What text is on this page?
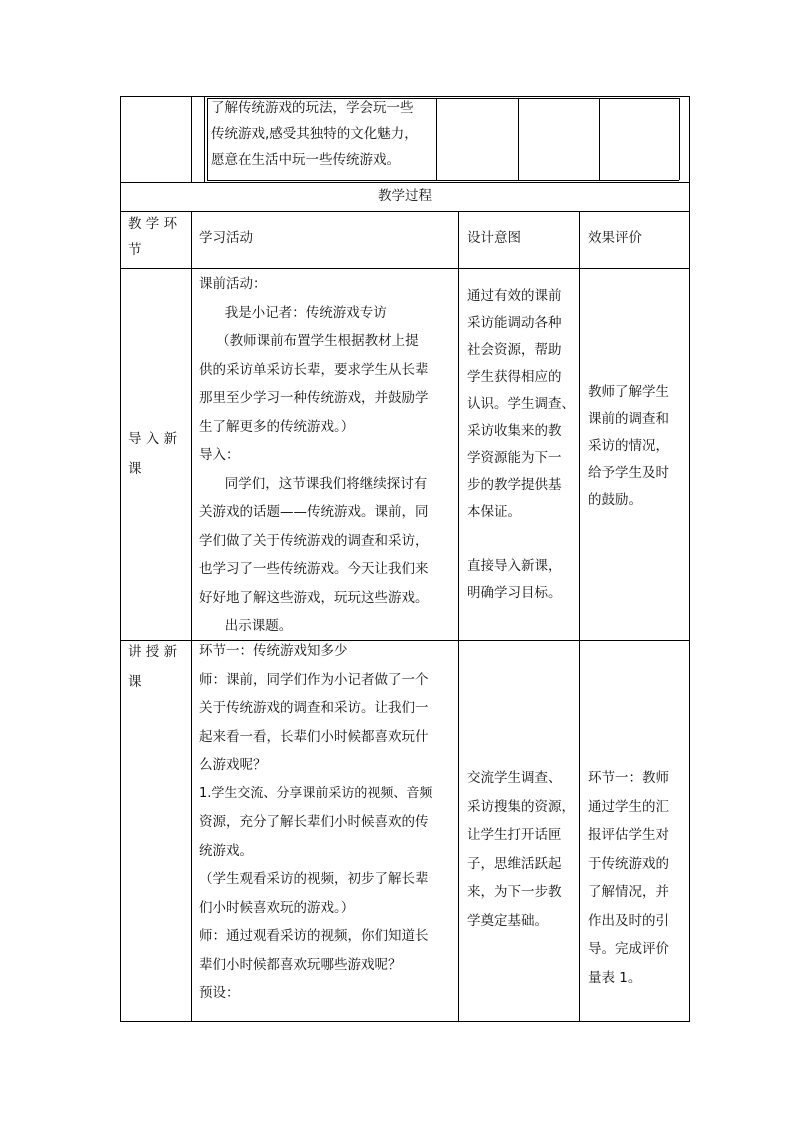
了解传统游戏的玩法，学会玩一些

传统游戏,感受其独特的文化魅力，

愿意在生活中玩一些传统游戏。

教学过程

教 学 环

节

学习活动	设计意图	效果评价

导 入 新

课

课前活动：

我是小记者：传统游戏专访

（教师课前布置学生根据教材上提

供的采访单采访长辈，要求学生从长辈

那里至少学习一种传统游戏，并鼓励学

生了解更多的传统游戏。）

导入：

同学们，这节课我们将继续探讨有

关游戏的话题——传统游戏。课前，同

学们做了关于传统游戏的调查和采访，

也学习了一些传统游戏。今天让我们来

好好地了解这些游戏，玩玩这些游戏。

出示课题。

通过有效的课前

采访能调动各种

社会资源，帮助

学生获得相应的

认识。学生调查、

采访收集来的教

学资源能为下一

步的教学提供基

本保证。

直接导入新课，

明确学习目标。

教师了解学生

课前的调查和

采访的情况，

给予学生及时

的鼓励。

讲 授 新

课

环节一：传统游戏知多少

师：课前，同学们作为小记者做了一个

关于传统游戏的调查和采访。让我们一

起来看一看，长辈们小时候都喜欢玩什

么游戏呢？

1.学生交流、分享课前采访的视频、音频

资源，充分了解长辈们小时候喜欢的传

统游戏。

（学生观看采访的视频，初步了解长辈

们小时候喜欢玩的游戏。）

师：通过观看采访的视频，你们知道长

辈们小时候都喜欢玩哪些游戏呢？

预设：

交流学生调查、

采访搜集的资源，

让学生打开话匣

子，思维活跃起

来，为下一步教

学奠定基础。

环节一：教师

通过学生的汇

报评估学生对

于传统游戏的

了解情况，并

作出及时的引

导。完成评价

量表 1。
